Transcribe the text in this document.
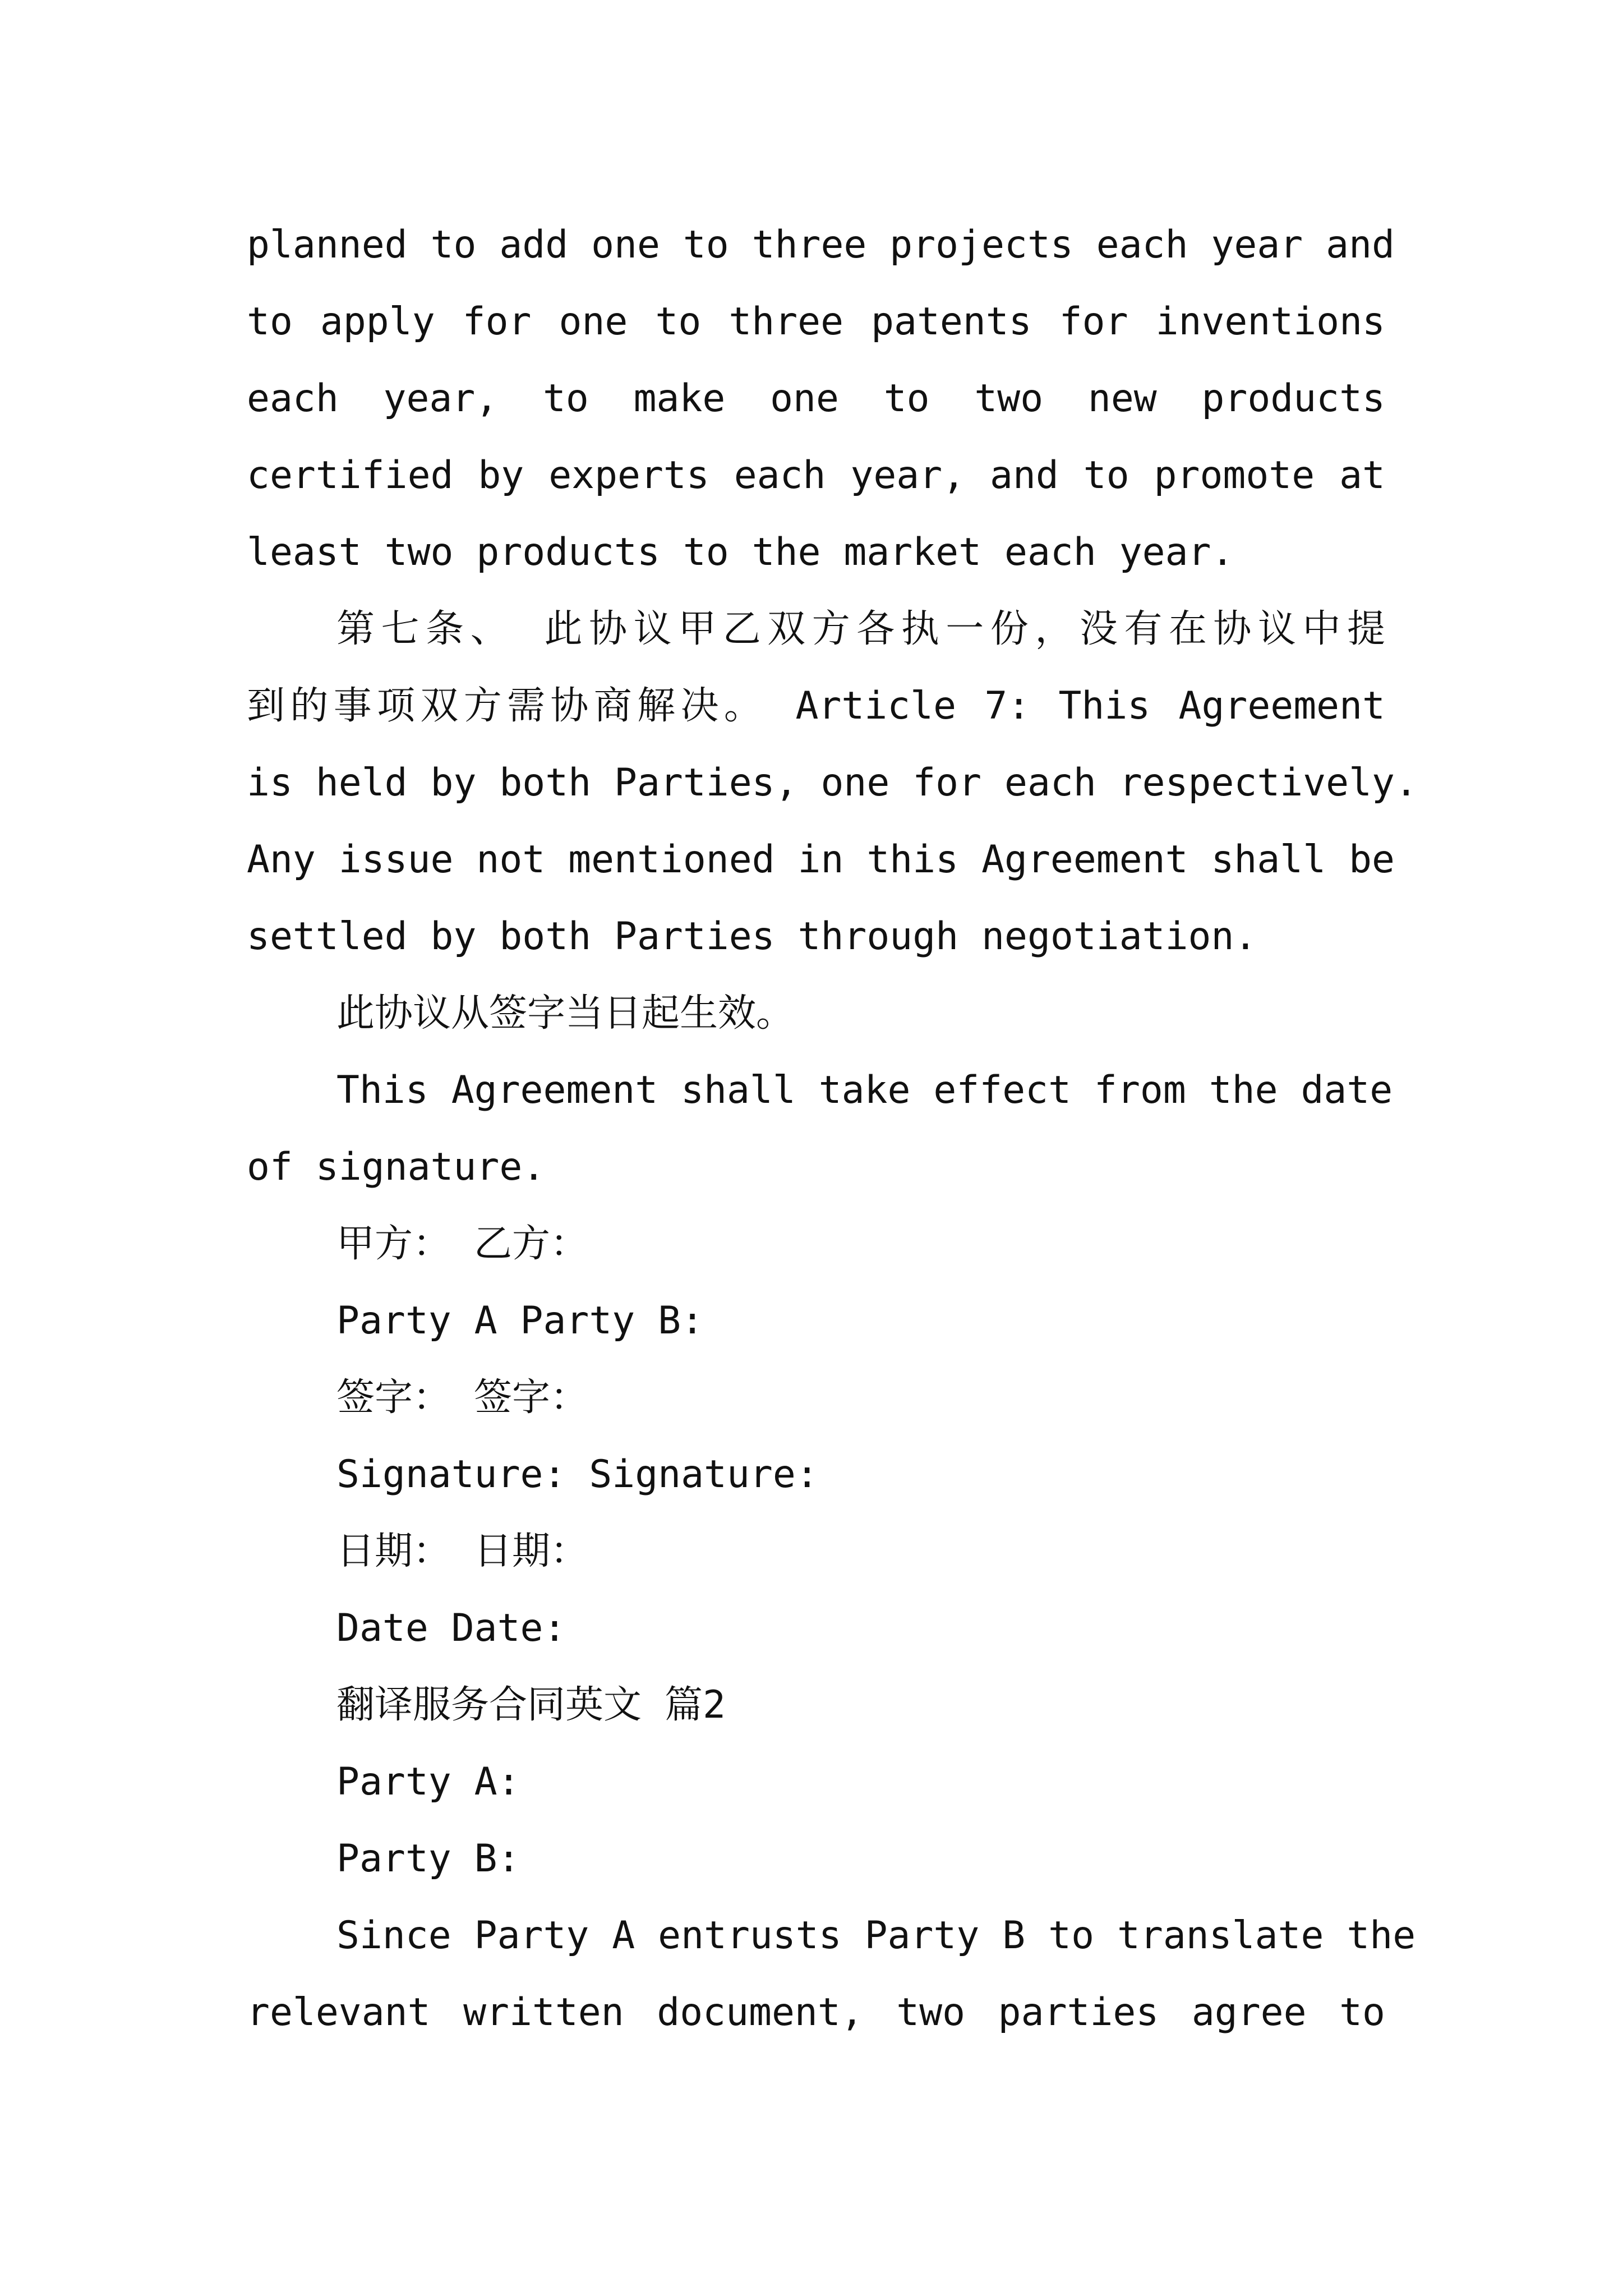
planned to add one to three projects each year and
to apply for one to three patents for inventions
each year, to make one to two new products
certified by experts each year, and to promote at
least two products to the market each year.
第七条、 此协议甲乙双方各执一份，没有在协议中提
到的事项双方需协商解决。 Article 7: This Agreement
is held by both Parties, one for each respectively.
Any issue not mentioned in this Agreement shall be
settled by both Parties through negotiation.
此协议从签字当日起生效。
This Agreement shall take effect from the date
of signature.
甲方： 乙方：
Party A Party B:
签字： 签字：
Signature: Signature:
日期： 日期：
Date Date:
翻译服务合同英文 篇2
Party A:
Party B:
Since Party A entrusts Party B to translate the
relevant written document, two parties agree to
